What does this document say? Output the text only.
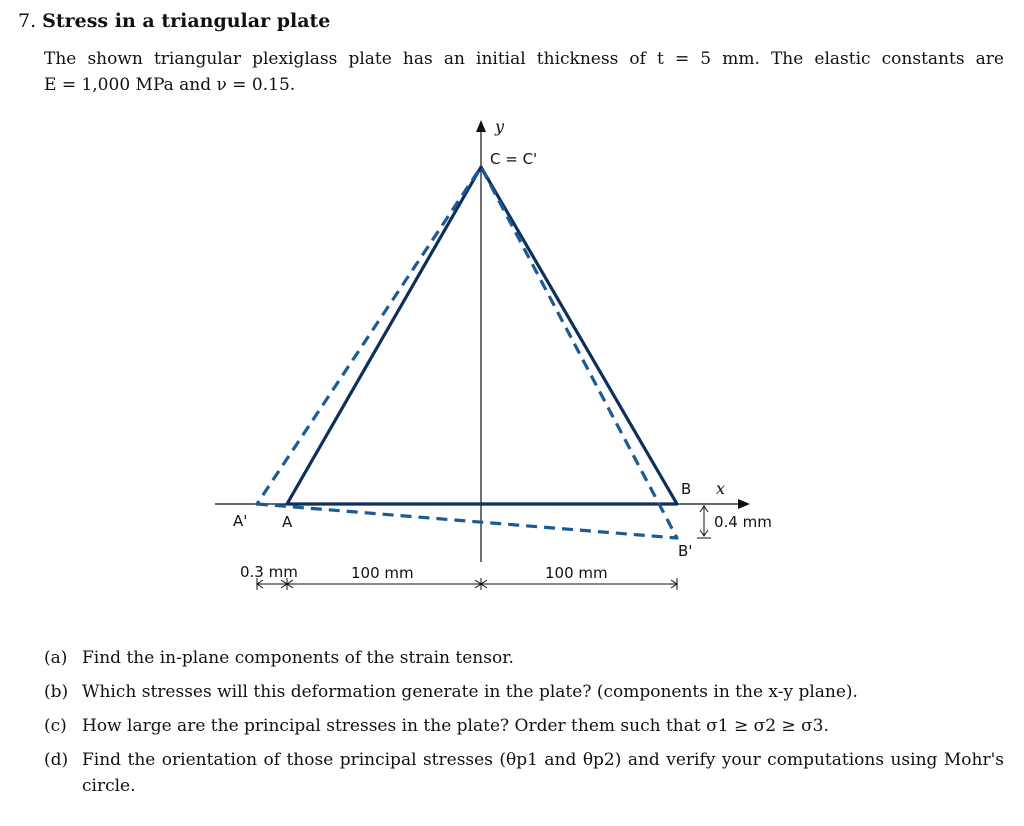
7. Stress in a triangular plate
The shown triangular plexiglass plate has an initial thickness of t = 5 mm. The elastic constants are
E = 1,000 MPa and ν = 0.15.
y
x
C = C'
B
B'
A
A'	0.4 mm
0.3 mm	100 mm	100 mm
(a) Find the in-plane components of the strain tensor.
(b) Which stresses will this deformation generate in the plate? (components in the x-y plane).
(c) How large are the principal stresses in the plate? Order them such that σ1 ≥ σ2 ≥ σ3.
(d) Find the orientation of those principal stresses (θp1 and θp2) and verify your computations using Mohr's circle.
